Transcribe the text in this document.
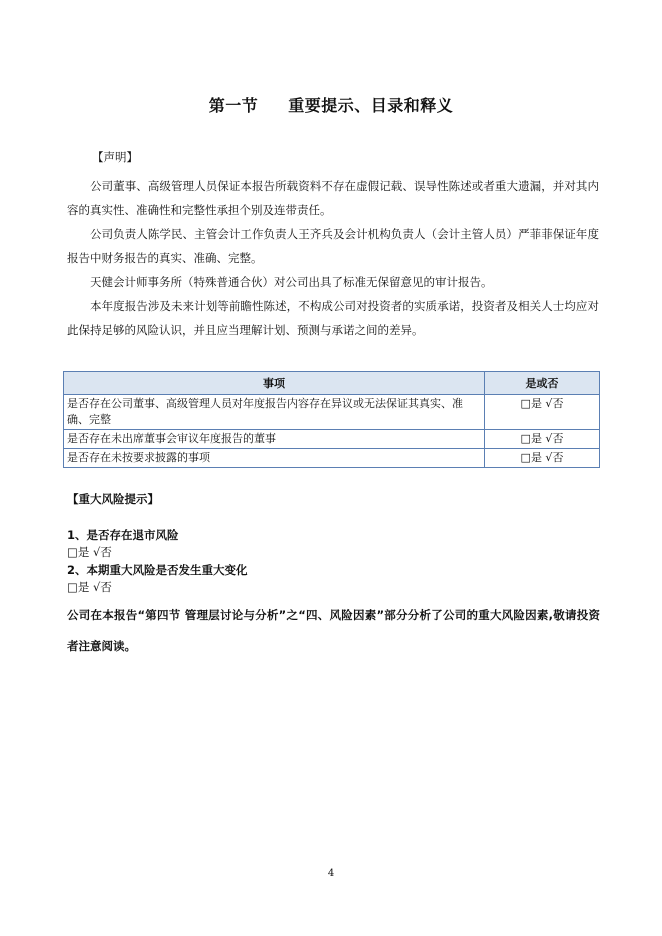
第一节 重要提示、目录和释义
【声明】

公司董事、高级管理人员保证本报告所载资料不存在虚假记载、误导性陈述或者重大遗漏，并对其内容的真实性、准确性和完整性承担个别及连带责任。

公司负责人陈学民、主管会计工作负责人王齐兵及会计机构负责人（会计主管人员）严菲菲保证年度报告中财务报告的真实、准确、完整。

天健会计师事务所（特殊普通合伙）对公司出具了标准无保留意见的审计报告。

本年度报告涉及未来计划等前瞻性陈述，不构成公司对投资者的实质承诺，投资者及相关人士均应对此保持足够的风险认识，并且应当理解计划、预测与承诺之间的差异。

事项	是或否
是否存在公司董事、高级管理人员对年度报告内容存在异议或无法保证其真实、准确、完整	□是 √否
是否存在未出席董事会审议年度报告的董事	□是 √否
是否存在未按要求披露的事项	□是 √否
【重大风险提示】
1、是否存在退市风险
□是 √否
2、本期重大风险是否发生重大变化
□是 √否
公司在本报告“第四节 管理层讨论与分析”之“四、风险因素”部分分析了公司的重大风险因素,敬请投资者注意阅读。
4
